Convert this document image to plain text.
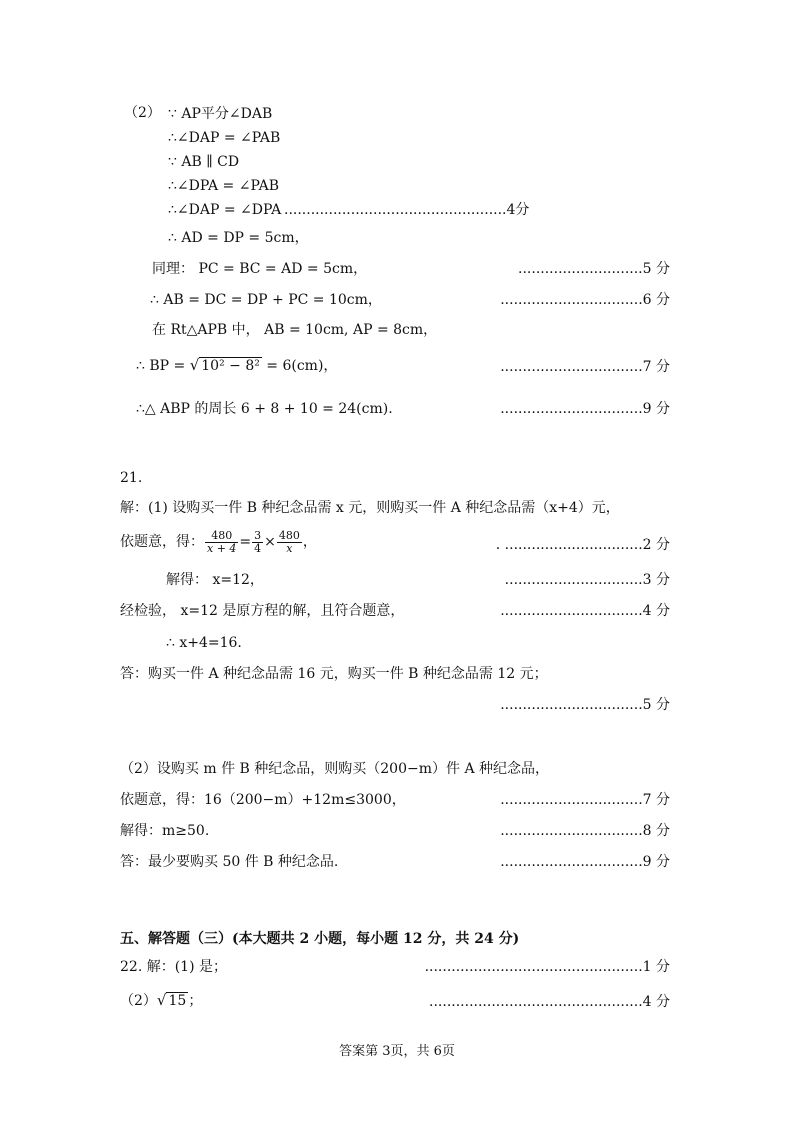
（2） ∵ AP平分∠DAB
∴∠DAP = ∠PAB
∵ AB ∥ CD
∴∠DPA = ∠PAB
∴∠DAP = ∠DPA ..................................................4分
∴ AD = DP = 5cm，
同理： PC = BC = AD = 5cm，	............................5 分
∴ AB = DC = DP + PC = 10cm，	................................6 分
在 Rt△APB 中， AB = 10cm, AP = 8cm，
∴ BP = √ 10² − 8² = 6(cm)，	................................7 分
∴△ ABP 的周长 6 + 8 + 10 = 24(cm).	................................9 分
21.
解：(1) 设购买一件 B 种纪念品需 x 元，则购买一件 A 种纪念品需（x+4）元，
依题意，得： $\frac{480}{x + 4} = \frac{3}{4} \times \frac{480}{x}$ ，	. ...............................2 分
解得： x=12，	...............................3 分
经检验， x=12 是原方程的解，且符合题意，	................................4 分
∴ x+4=16.
答：购买一件 A 种纪念品需 16 元，购买一件 B 种纪念品需 12 元；
................................5 分
（2）设购买 m 件 B 种纪念品，则购买（200−m）件 A 种纪念品，
依题意，得：16（200−m）+12m≤3000，	................................7 分
解得：m≥50.	................................8 分
答：最少要购买 50 件 B 种纪念品.	................................9 分
五、解答题（三）(本大题共 2 小题，每小题 12 分，共 24 分)
22. 解：(1) 是；	.................................................1 分
（2）√ 15 ；	................................................4 分
答案第 3页，共 6页
